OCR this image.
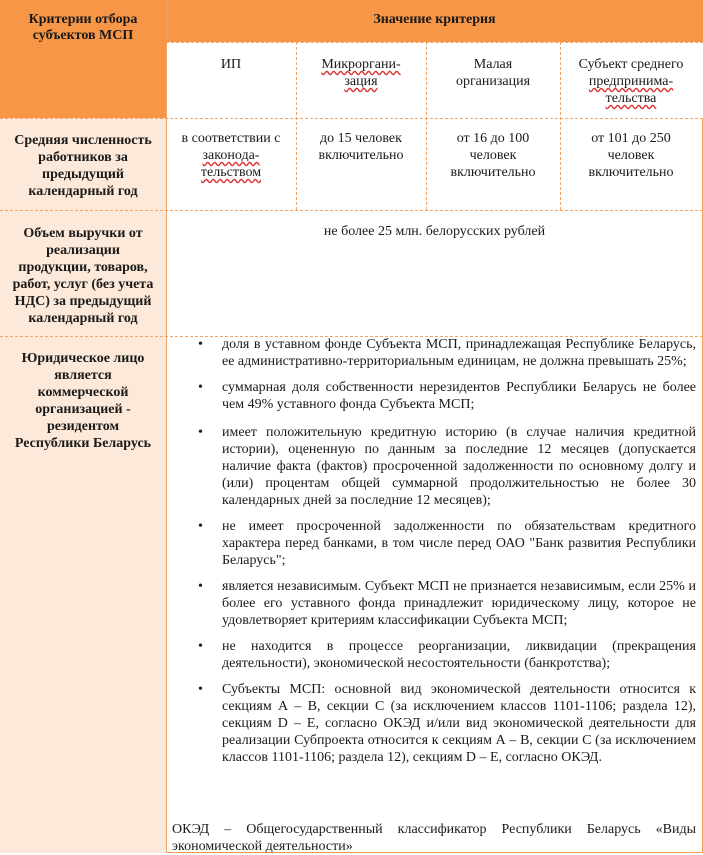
Критерии отбора субъектов МСП
Значение критерия
ИП	Микроргани-
зация
Малая
организация
Субъект среднего
предпринима-
тельства
Средняя численность
работников за
предыдущий
календарный год
в соответствии с
законода-
тельством
до 15 человек
включительно
от 16 до 100
человек
включительно
от 101 до 250
человек
включительно
Объем выручки от
реализации
продукции, товаров,
работ, услуг (без учета
НДС) за предыдущий
календарный год
не более 25 млн. белорусских рублей
Юридическое лицо
является
коммерческой
организацией -
резидентом
Республики Беларусь
• доля в уставном фонде Субъекта МСП, принадлежащая Республике Беларусь, ее административно-территориальным единицам, не должна превышать 25%;
• суммарная доля собственности нерезидентов Республики Беларусь не более чем 49% уставного фонда Субъекта МСП;
• имеет положительную кредитную историю (в случае наличия кредитной истории), оцененную по данным за последние 12 месяцев (допускается наличие факта (фактов) просроченной задолженности по основному долгу и (или) процентам общей суммарной продолжительностью не более 30 календарных дней за последние 12 месяцев);
• не имеет просроченной задолженности по обязательствам кредитного характера перед банками, в том числе перед ОАО "Банк развития Республики Беларусь";
• является независимым. Субъект МСП не признается независимым, если 25% и более его уставного фонда принадлежит юридическому лицу, которое не удовлетворяет критериям классификации Субъекта МСП;
• не находится в процессе реорганизации, ликвидации (прекращения деятельности), экономической несостоятельности (банкротства);
• Субъекты МСП: основной вид экономической деятельности относится к секциям А – В, секции С (за исключением классов 1101-1106; раздела 12), секциям D – E, согласно ОКЭД и/или вид экономической деятельности для реализации Субпроекта относится к секциям А – В, секции С (за исключением классов 1101-1106; раздела 12), секциям D – E, согласно ОКЭД.
ОКЭД – Общегосударственный классификатор Республики Беларусь «Виды экономической деятельности»
